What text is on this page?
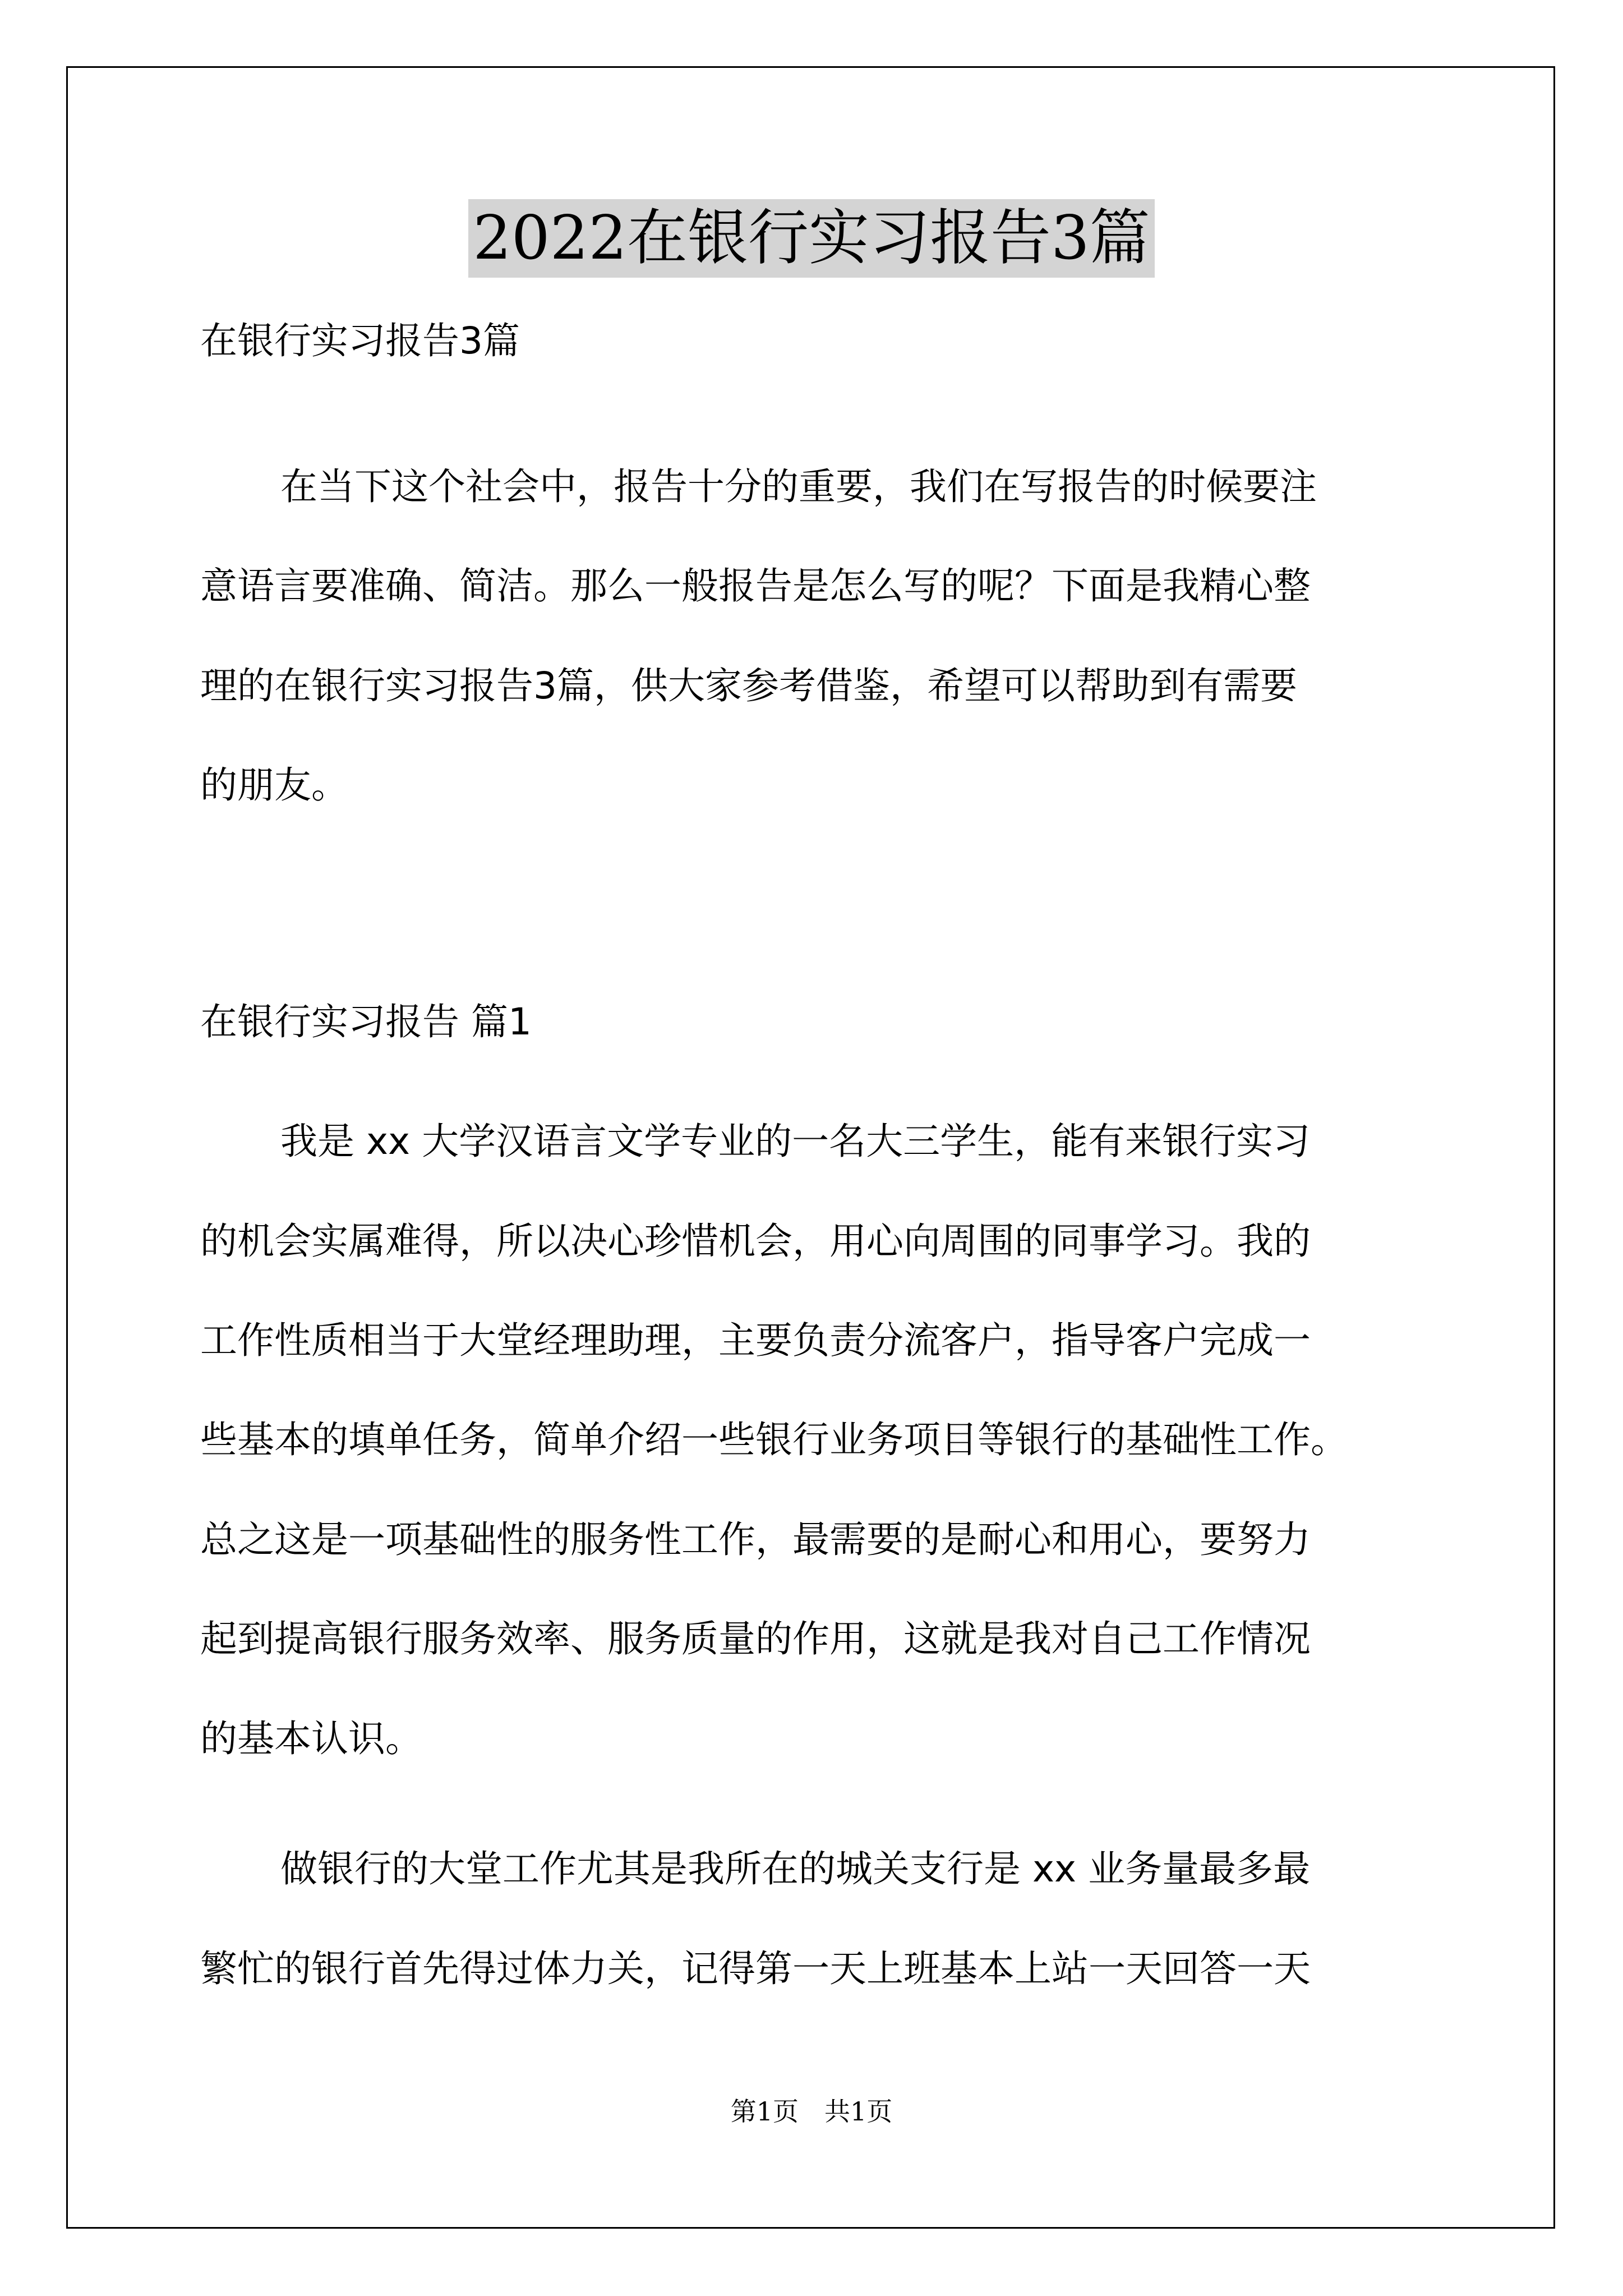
2022在银行实习报告3篇
在银行实习报告3篇
在当下这个社会中，报告十分的重要，我们在写报告的时候要注
意语言要准确、简洁。那么一般报告是怎么写的呢？下面是我精心整
理的在银行实习报告3篇，供大家参考借鉴，希望可以帮助到有需要
的朋友。
在银行实习报告 篇1
我是 xx 大学汉语言文学专业的一名大三学生，能有来银行实习
的机会实属难得，所以决心珍惜机会，用心向周围的同事学习。我的
工作性质相当于大堂经理助理，主要负责分流客户，指导客户完成一
些基本的填单任务，简单介绍一些银行业务项目等银行的基础性工作。
总之这是一项基础性的服务性工作，最需要的是耐心和用心，要努力
起到提高银行服务效率、服务质量的作用，这就是我对自己工作情况
的基本认识。
做银行的大堂工作尤其是我所在的城关支行是 xx 业务量最多最
繁忙的银行首先得过体力关，记得第一天上班基本上站一天回答一天
第1页　共1页
